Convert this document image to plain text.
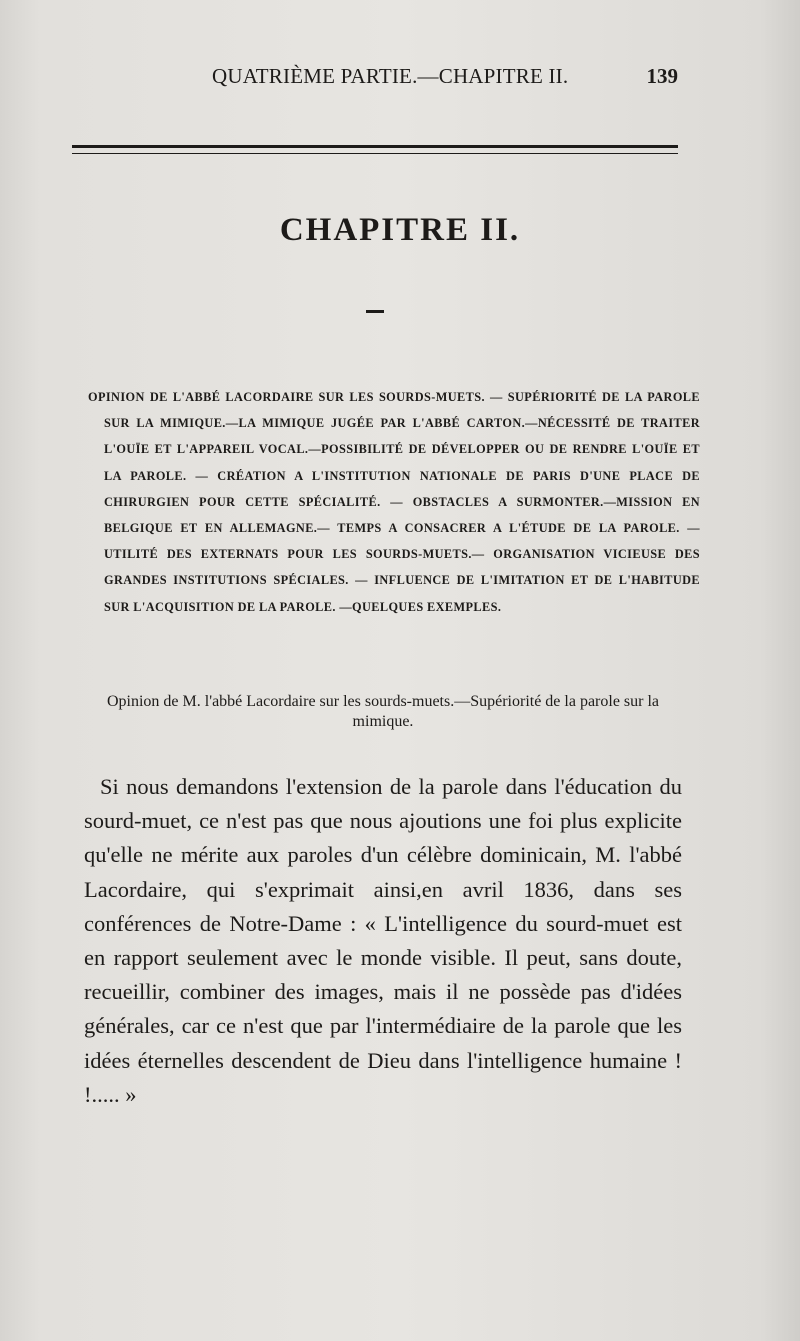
QUATRIÈME PARTIE.—CHAPITRE II.	139
CHAPITRE II.
OPINION DE L'ABBÉ LACORDAIRE SUR LES SOURDS-MUETS. — SUPÉRIORITÉ DE LA PAROLE SUR LA MIMIQUE.—LA MIMIQUE JUGÉE PAR L'ABBÉ CARTON.—NÉCESSITÉ DE TRAITER L'OUÏE ET L'APPAREIL VOCAL.—POSSIBILITÉ DE DÉVELOPPER OU DE RENDRE L'OUÏE ET LA PAROLE. — CRÉATION A L'INSTITUTION NATIONALE DE PARIS D'UNE PLACE DE CHIRURGIEN POUR CETTE SPÉCIALITÉ. — OBSTACLES A SURMONTER.—MISSION EN BELGIQUE ET EN ALLEMAGNE.— TEMPS A CONSACRER A L'ÉTUDE DE LA PAROLE. — UTILITÉ DES EXTERNATS POUR LES SOURDS-MUETS.— ORGANISATION VICIEUSE DES GRANDES INSTITUTIONS SPÉCIALES. — INFLUENCE DE L'IMITATION ET DE L'HABITUDE SUR L'ACQUISITION DE LA PAROLE. —QUELQUES EXEMPLES.
Opinion de M. l'abbé Lacordaire sur les sourds-muets.—Supériorité de la parole sur la mimique.
Si nous demandons l'extension de la parole dans l'éducation du sourd-muet, ce n'est pas que nous ajoutions une foi plus explicite qu'elle ne mérite aux paroles d'un célèbre dominicain, M. l'abbé Lacordaire, qui s'exprimait ainsi,en avril 1836, dans ses conférences de Notre-Dame : « L'intelligence du sourd-muet est en rapport seulement avec le monde visible. Il peut, sans doute, recueillir, combiner des images, mais il ne possède pas d'idées générales, car ce n'est que par l'intermédiaire de la parole que les idées éternelles descendent de Dieu dans l'intelligence humaine ! !..... »
